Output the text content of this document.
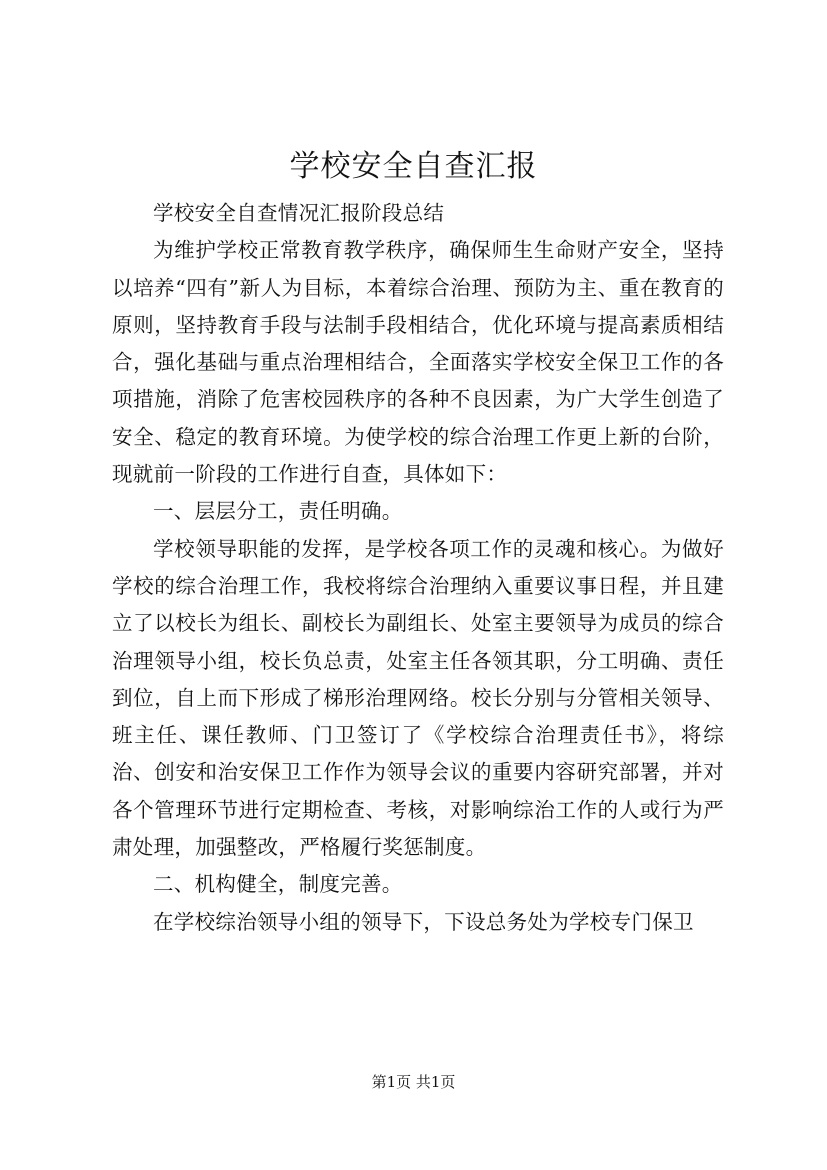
学校安全自查汇报

学校安全自查情况汇报阶段总结

为维护学校正常教育教学秩序，确保师生生命财产安全，坚持以培养“四有”新人为目标，本着综合治理、预防为主、重在教育的原则，坚持教育手段与法制手段相结合，优化环境与提高素质相结合，强化基础与重点治理相结合，全面落实学校安全保卫工作的各项措施，消除了危害校园秩序的各种不良因素，为广大学生创造了安全、稳定的教育环境。为使学校的综合治理工作更上新的台阶，现就前一阶段的工作进行自查，具体如下：

一、层层分工，责任明确。

学校领导职能的发挥，是学校各项工作的灵魂和核心。为做好学校的综合治理工作，我校将综合治理纳入重要议事日程，并且建立了以校长为组长、副校长为副组长、处室主要领导为成员的综合治理领导小组，校长负总责，处室主任各领其职，分工明确、责任到位，自上而下形成了梯形治理网络。校长分别与分管相关领导、班主任、课任教师、门卫签订了《学校综合治理责任书》，将综治、创安和治安保卫工作作为领导会议的重要内容研究部署，并对各个管理环节进行定期检查、考核，对影响综治工作的人或行为严肃处理，加强整改，严格履行奖惩制度。

二、机构健全，制度完善。

在学校综治领导小组的领导下，下设总务处为学校专门保卫

第1页 共1页
